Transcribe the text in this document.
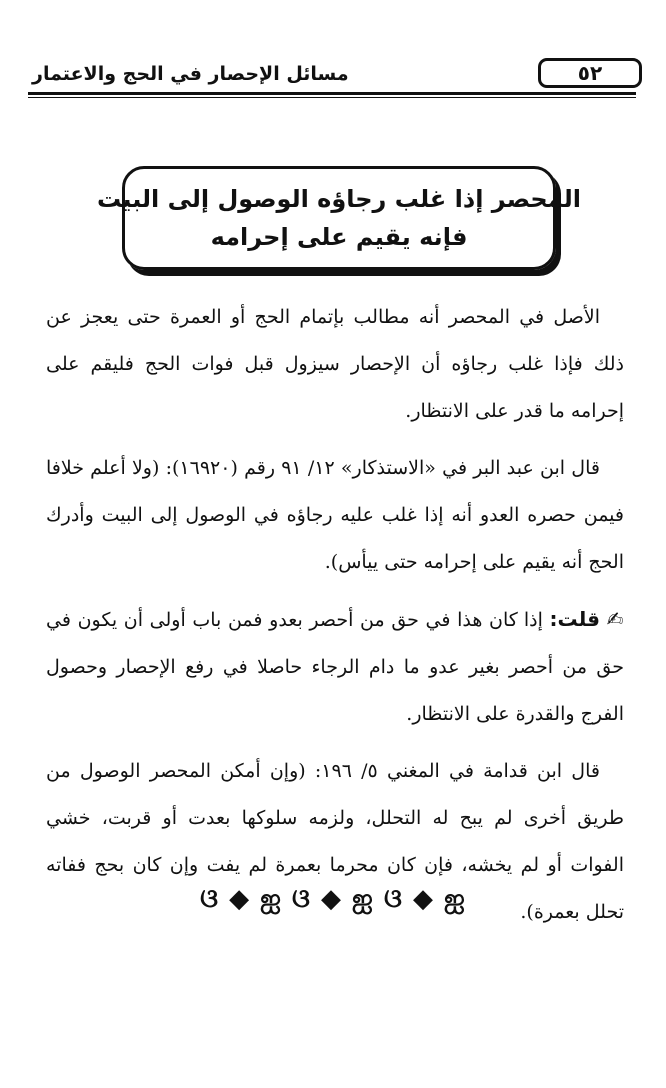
٥٢
مسائل الإحصار في الحج والاعتمار
المحصر إذا غلب رجاؤه الوصول إلى البيت
فإنه يقيم على إحرامه

الأصل في المحصر أنه مطالب بإتمام الحج أو العمرة حتى يعجز عن ذلك فإذا غلب رجاؤه أن الإحصار سيزول قبل فوات الحج فليقم على إحرامه ما قدر على الانتظار.

قال ابن عبد البر في «الاستذكار» ١٢/ ٩١ رقم (١٦٩٢٠): (ولا أعلم خلافا فيمن حصره العدو أنه إذا غلب عليه رجاؤه في الوصول إلى البيت وأدرك الحج أنه يقيم على إحرامه حتى ييأس).

✍ قلت: إذا كان هذا في حق من أحصر بعدو فمن باب أولى أن يكون في حق من أحصر بغير عدو ما دام الرجاء حاصلا في رفع الإحصار وحصول الفرج والقدرة على الانتظار.

قال ابن قدامة في المغني ٥/ ١٩٦: (وإن أمكن المحصر الوصول من طريق أخرى لم يبح له التحلل، ولزمه سلوكها بعدت أو قربت، خشي الفوات أو لم يخشه، فإن كان محرما بعمرة لم يفت وإن كان بحج ففاته تحلل بعمرة).

ଓ ◆ ஐ ଓ ◆ ஐ ଓ ◆ ஐ
